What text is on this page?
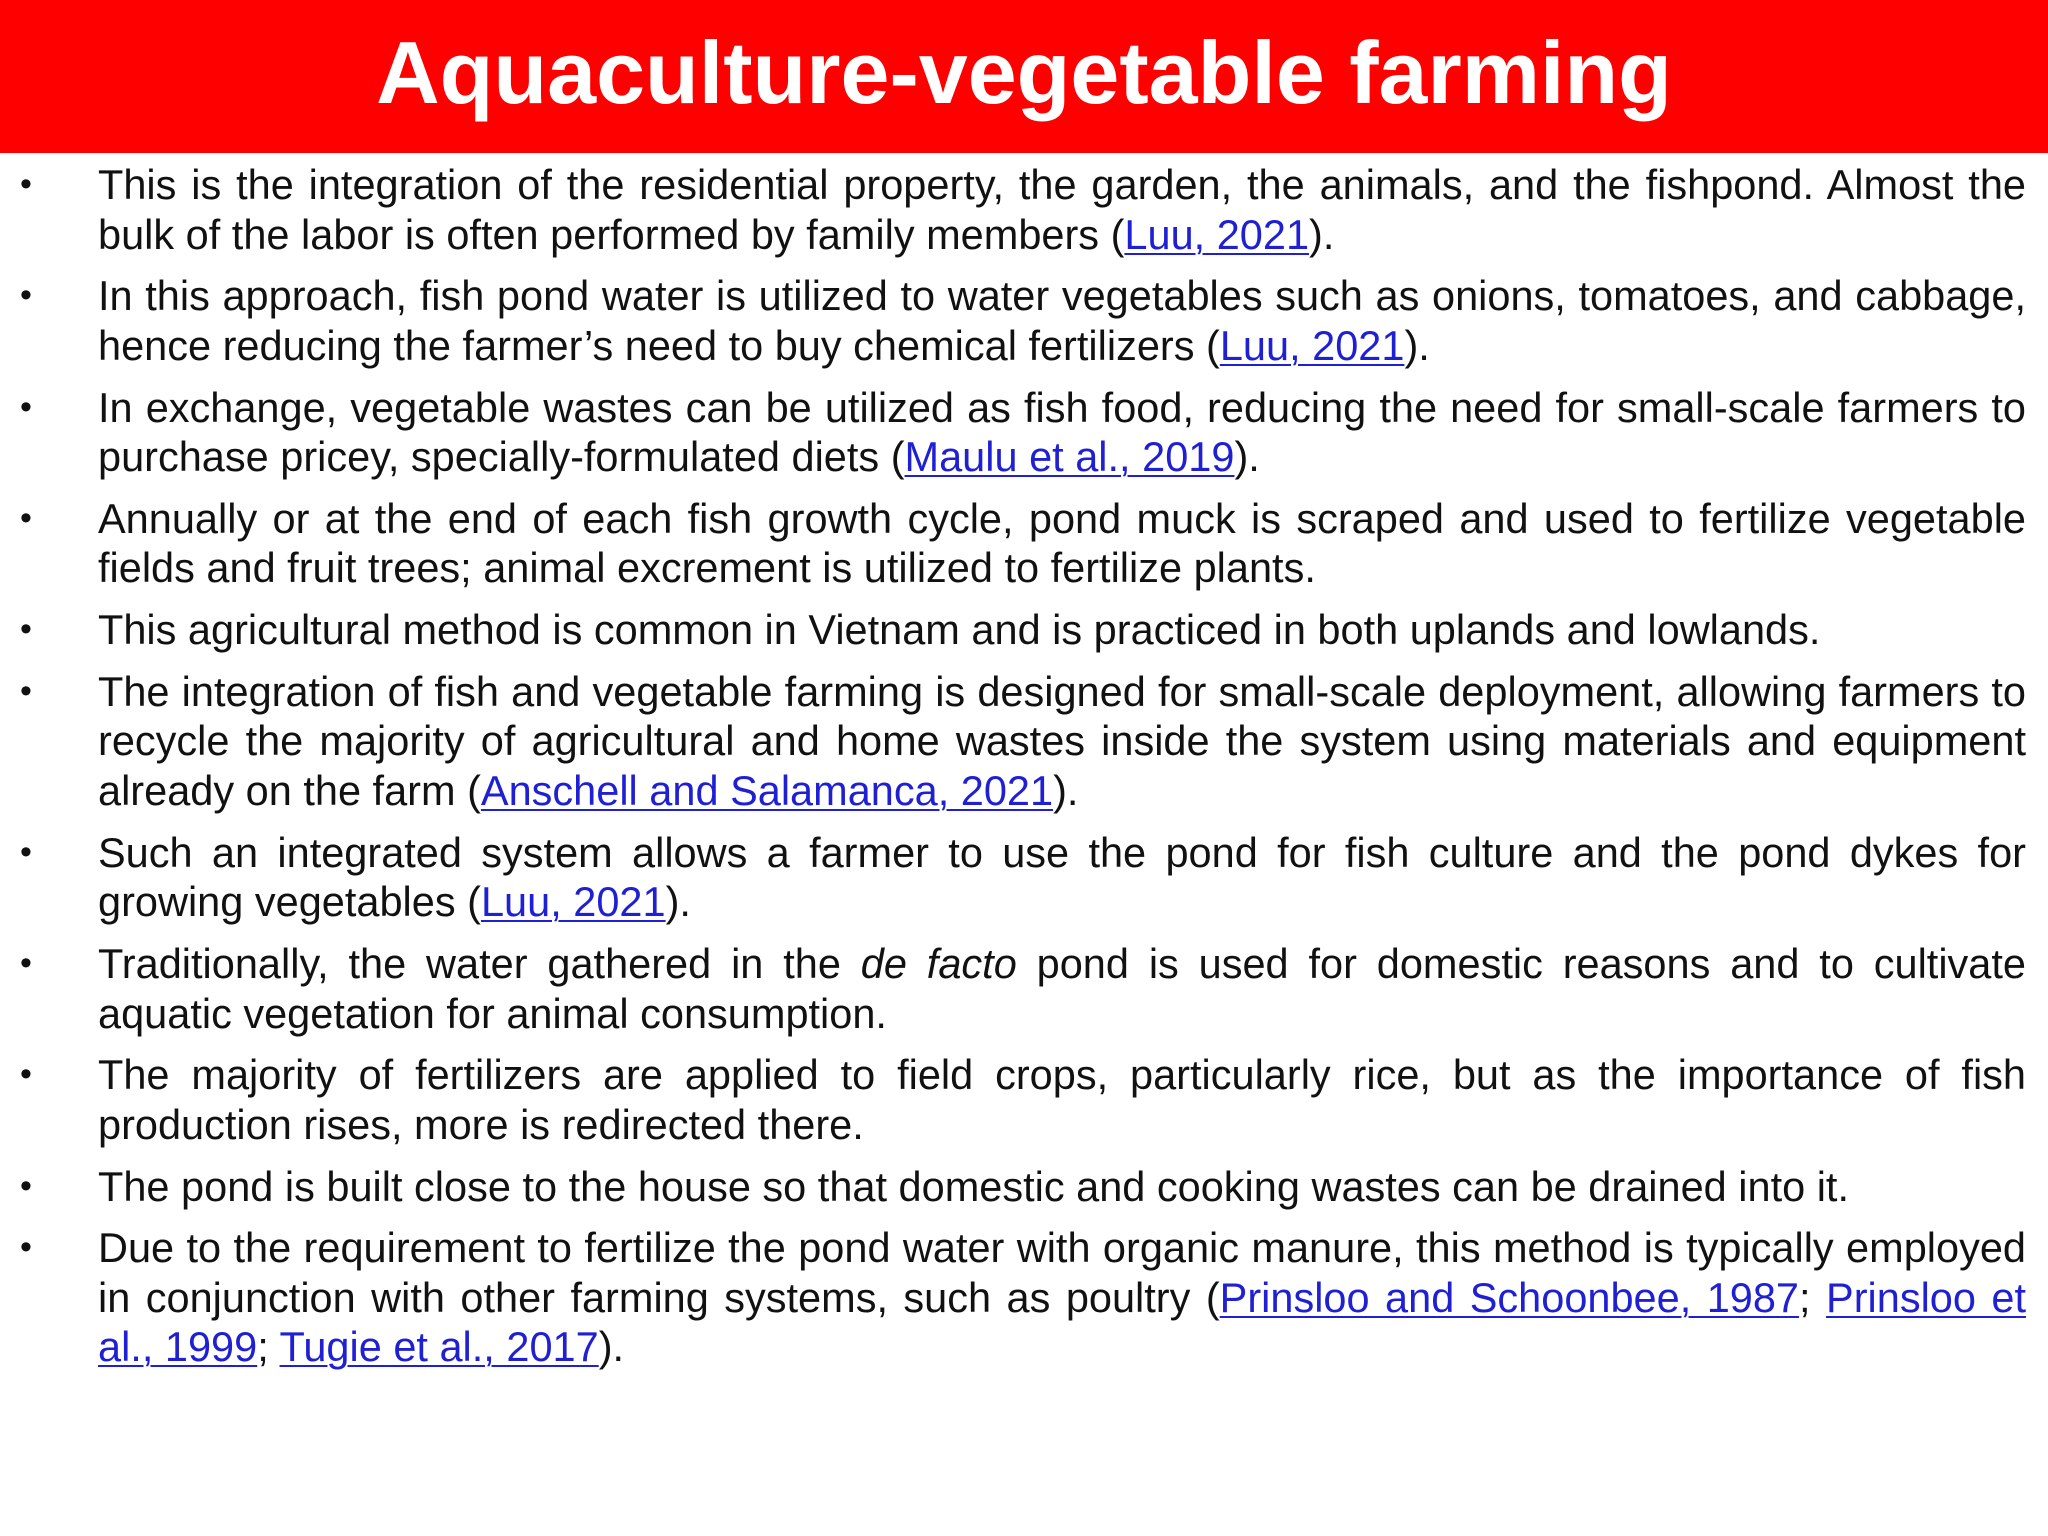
Aquaculture-vegetable farming
• This is the integration of the residential property, the garden, the animals, and the fishpond. Almost the bulk of the labor is often performed by family members (Luu, 2021).
• In this approach, fish pond water is utilized to water vegetables such as onions, tomatoes, and cabbage, hence reducing the farmer’s need to buy chemical fertilizers (Luu, 2021).
• In exchange, vegetable wastes can be utilized as fish food, reducing the need for small-scale farmers to purchase pricey, specially-formulated diets (Maulu et al., 2019).
• Annually or at the end of each fish growth cycle, pond muck is scraped and used to fertilize vegetable fields and fruit trees; animal excrement is utilized to fertilize plants.
• This agricultural method is common in Vietnam and is practiced in both uplands and lowlands.
• The integration of fish and vegetable farming is designed for small-scale deployment, allowing farmers to recycle the majority of agricultural and home wastes inside the system using materials and equipment already on the farm (Anschell and Salamanca, 2021).
• Such an integrated system allows a farmer to use the pond for fish culture and the pond dykes for growing vegetables (Luu, 2021).
• Traditionally, the water gathered in the de facto pond is used for domestic reasons and to cultivate aquatic vegetation for animal consumption.
• The majority of fertilizers are applied to field crops, particularly rice, but as the importance of fish production rises, more is redirected there.
• The pond is built close to the house so that domestic and cooking wastes can be drained into it.
• Due to the requirement to fertilize the pond water with organic manure, this method is typically employed in conjunction with other farming systems, such as poultry (Prinsloo and Schoonbee, 1987; Prinsloo et al., 1999; Tugie et al., 2017).
